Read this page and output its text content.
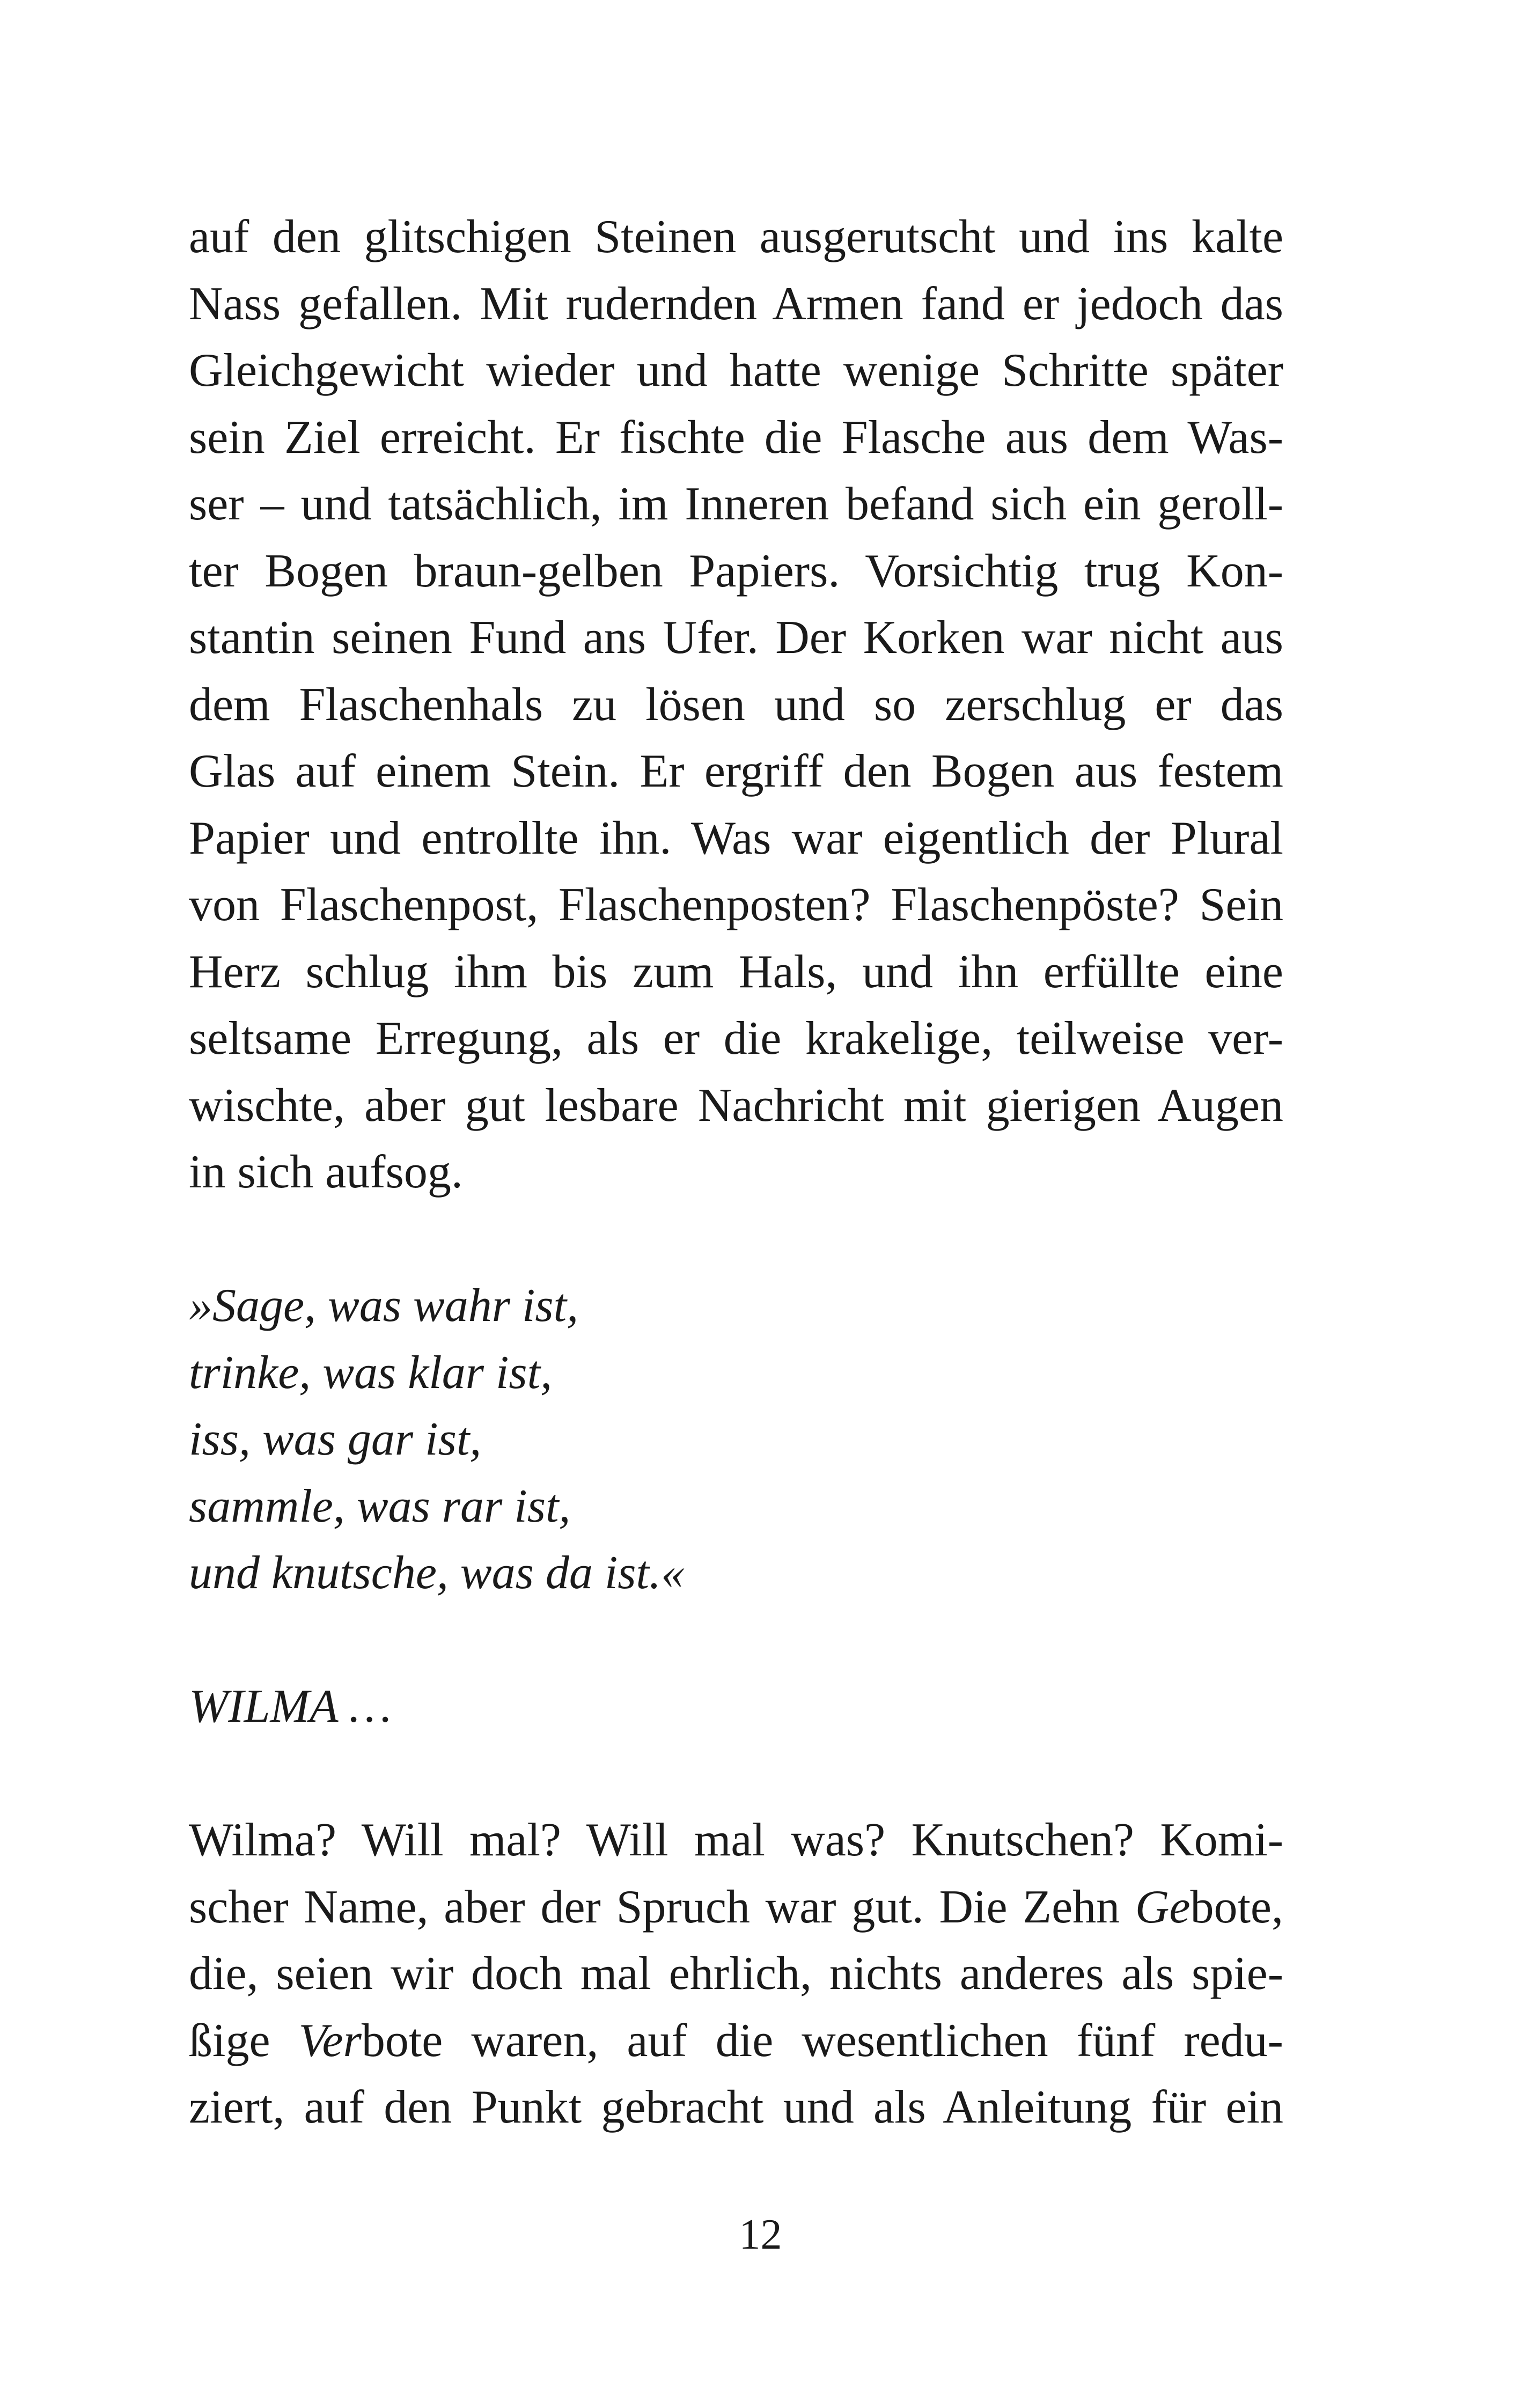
auf den glitschigen Steinen ausgerutscht und ins kalte
Nass gefallen. Mit rudernden Armen fand er jedoch das
Gleichgewicht wieder und hatte wenige Schritte später
sein Ziel erreicht. Er fischte die Flasche aus dem Was-
ser – und tatsächlich, im Inneren befand sich ein geroll-
ter Bogen braun-gelben Papiers. Vorsichtig trug Kon-
stantin seinen Fund ans Ufer. Der Korken war nicht aus
dem Flaschenhals zu lösen und so zerschlug er das
Glas auf einem Stein. Er ergriff den Bogen aus festem
Papier und entrollte ihn. Was war eigentlich der Plural
von Flaschenpost, Flaschenposten? Flaschenpöste? Sein
Herz schlug ihm bis zum Hals, und ihn erfüllte eine
seltsame Erregung, als er die krakelige, teilweise ver-
wischte, aber gut lesbare Nachricht mit gierigen Augen
in sich aufsog.
»Sage, was wahr ist,
trinke, was klar ist,
iss, was gar ist,
sammle, was rar ist,
und knutsche, was da ist.«
WILMA …
Wilma? Will mal? Will mal was? Knutschen? Komi-
scher Name, aber der Spruch war gut. Die Zehn Gebote,
die, seien wir doch mal ehrlich, nichts anderes als spie-
ßige Verbote waren, auf die wesentlichen fünf redu-
ziert, auf den Punkt gebracht und als Anleitung für ein
12
